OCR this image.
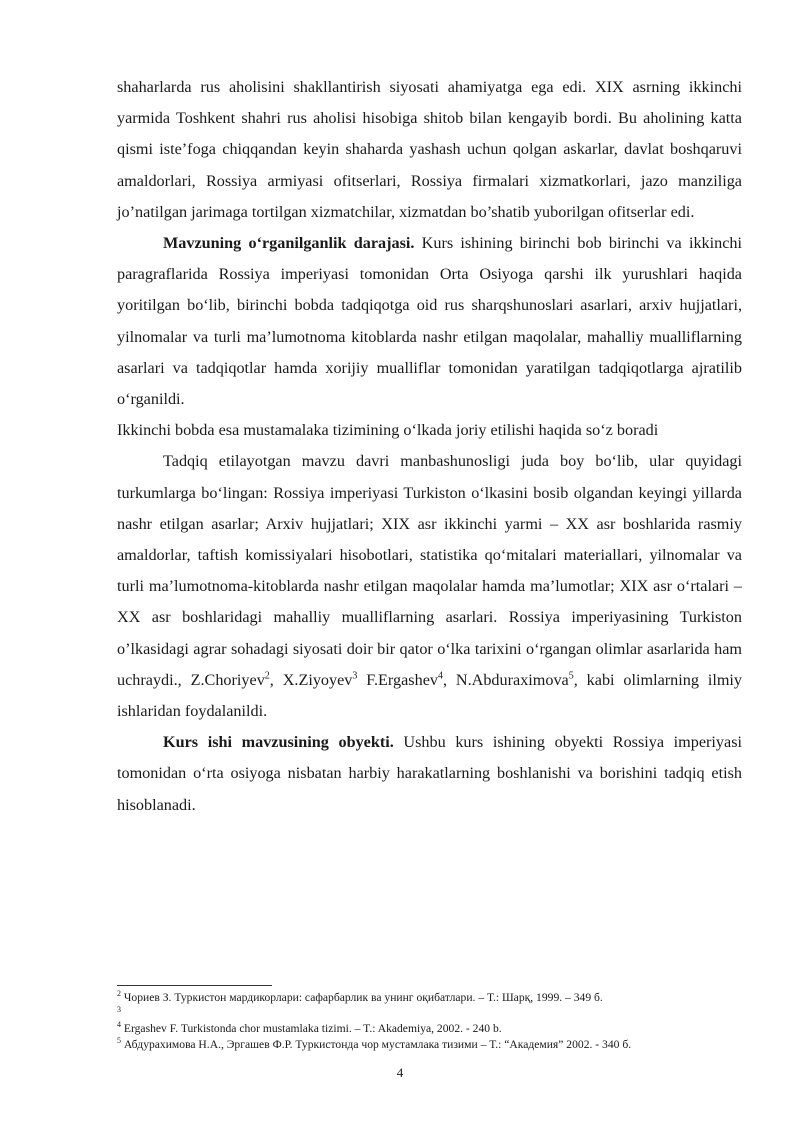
shaharlarda rus aholisini shakllantirish siyosati ahamiyatga ega edi. XIX asrning ikkinchi yarmida Toshkent shahri rus aholisi hisobiga shitob bilan kengayib bordi. Bu aholining katta qismi iste’foga chiqqandan keyin shaharda yashash uchun qolgan askarlar, davlat boshqaruvi amaldorlari, Rossiya armiyasi ofitserlari, Rossiya firmalari xizmatkorlari, jazo manziliga jo’natilgan jarimaga tortilgan xizmatchilar, xizmatdan bo’shatib yuborilgan ofitserlar edi.

Mavzuning o‘rganilganlik darajasi. Kurs ishining birinchi bob birinchi va ikkinchi paragraflarida Rossiya imperiyasi tomonidan Orta Osiyoga qarshi ilk yurushlari haqida yoritilgan bo‘lib, birinchi bobda tadqiqotga oid rus sharqshunoslari asarlari, arxiv hujjatlari, yilnomalar va turli ma’lumotnoma kitoblarda nashr etilgan maqolalar, mahalliy mualliflarning asarlari va tadqiqotlar hamda xorijiy mualliflar tomonidan yaratilgan tadqiqotlarga ajratilib o‘rganildi.

Ikkinchi bobda esa mustamalaka tizimining o‘lkada joriy etilishi haqida so‘z boradi

Tadqiq etilayotgan mavzu davri manbashunosligi juda boy bo‘lib, ular quyidagi turkumlarga bo‘lingan: Rossiya imperiyasi Turkiston o‘lkasini bosib olgandan keyingi yillarda nashr etilgan asarlar; Arxiv hujjatlari; XIX asr ikkinchi yarmi – XX asr boshlarida rasmiy amaldorlar, taftish komissiyalari hisobotlari, statistika qo‘mitalari materiallari, yilnomalar va turli ma’lumotnoma-kitoblarda nashr etilgan maqolalar hamda ma’lumotlar; XIX asr o‘rtalari – XX asr boshlaridagi mahalliy mualliflarning asarlari. Rossiya imperiyasining Turkiston o’lkasidagi agrar sohadagi siyosati doir bir qator o‘lka tarixini o‘rgangan olimlar asarlarida ham uchraydi., Z.Choriyev$^2$, X.Ziyoyev$^3$ F.Ergashev$^4$, N.Abduraximova$^5$, kabi olimlarning ilmiy ishlaridan foydalanildi.

Kurs ishi mavzusining obyekti. Ushbu kurs ishining obyekti Rossiya imperiyasi tomonidan o‘rta osiyoga nisbatan harbiy harakatlarning boshlanishi va borishini tadqiq etish hisoblanadi.

$^2$ Чориев З. Туркистон мардикорлари: сафарбарлик ва унинг оқибатлари. – Т.: Шарқ, 1999. – 349 б.

$^3$

$^4$ Ergashev F. Turkistonda chor mustamlaka tizimi. – T.: Akademiya, 2002. - 240 b.

$^5$ Абдурахимова Н.А., Эргашев Ф.Р. Туркистонда чор мустамлака тизими – Т.: “Академия” 2002. - 340 б.

4
